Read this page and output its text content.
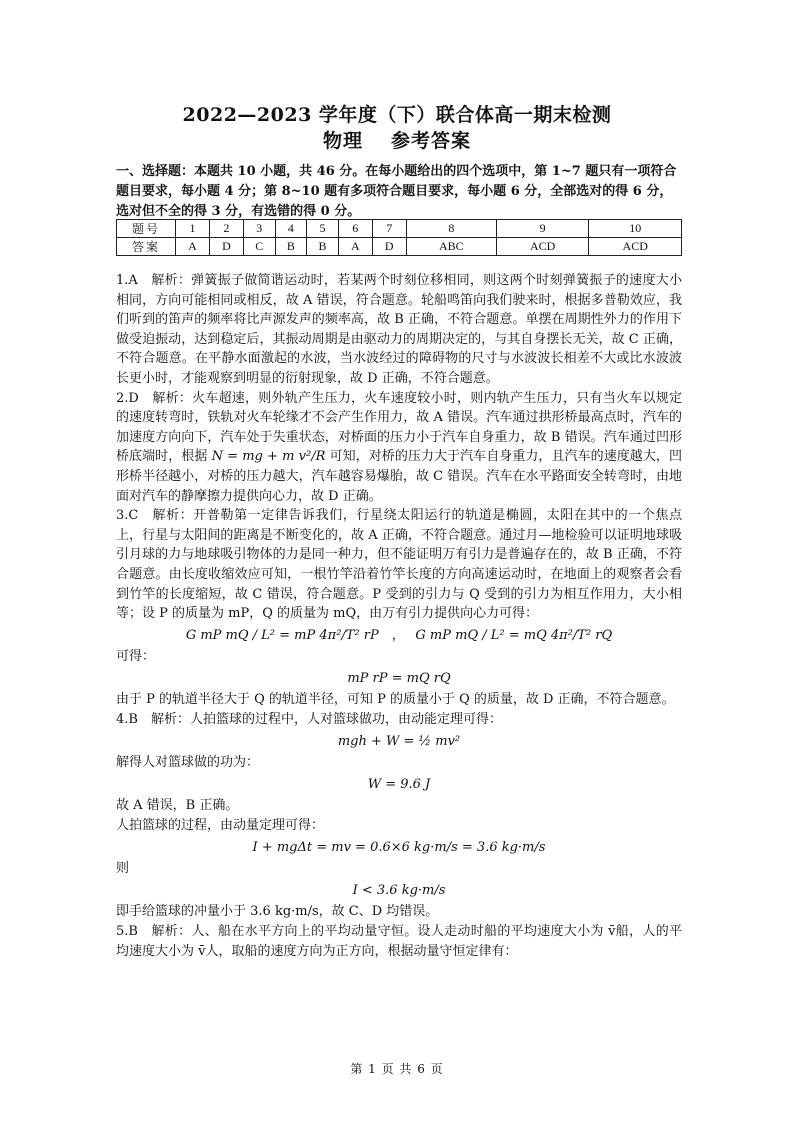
2022—2023 学年度（下）联合体高一期末检测
物理 参考答案
一、选择题：本题共 10 小题，共 46 分。在每小题给出的四个选项中，第 1~7 题只有一项符合题目要求，每小题 4 分；第 8~10 题有多项符合题目要求，每小题 6 分，全部选对的得 6 分，选对但不全的得 3 分，有选错的得 0 分。
题号	1	2	3	4	5	6	7	8	9	10
答案	A	D	C	B	B	A	D	ABC	ACD	ACD

1.A　解析：弹簧振子做简谐运动时，若某两个时刻位移相同，则这两个时刻弹簧振子的速度大小相同，方向可能相同或相反，故 A 错误，符合题意。轮船鸣笛向我们驶来时，根据多普勒效应，我们听到的笛声的频率将比声源发声的频率高，故 B 正确，不符合题意。单摆在周期性外力的作用下做受迫振动，达到稳定后，其振动周期是由驱动力的周期决定的，与其自身摆长无关，故 C 正确，不符合题意。在平静水面激起的水波，当水波经过的障碍物的尺寸与水波波长相差不大或比水波波长更小时，才能观察到明显的衍射现象，故 D 正确，不符合题意。

2.D　解析：火车超速，则外轨产生压力，火车速度较小时，则内轨产生压力，只有当火车以规定的速度转弯时，铁轨对火车轮缘才不会产生作用力，故 A 错误。汽车通过拱形桥最高点时，汽车的加速度方向向下，汽车处于失重状态，对桥面的压力小于汽车自身重力，故 B 错误。汽车通过凹形桥底端时，根据 N = mg + m v²/R 可知，对桥的压力大于汽车自身重力，且汽车的速度越大，凹形桥半径越小，对桥的压力越大，汽车越容易爆胎，故 C 错误。汽车在水平路面安全转弯时，由地面对汽车的静摩擦力提供向心力，故 D 正确。

3.C　解析：开普勒第一定律告诉我们，行星绕太阳运行的轨道是椭圆，太阳在其中的一个焦点上，行星与太阳间的距离是不断变化的，故 A 正确，不符合题意。通过月—地检验可以证明地球吸引月球的力与地球吸引物体的力是同一种力，但不能证明万有引力是普遍存在的，故 B 正确，不符合题意。由长度收缩效应可知，一根竹竿沿着竹竿长度的方向高速运动时，在地面上的观察者会看到竹竿的长度缩短，故 C 错误，符合题意。P 受到的引力与 Q 受到的引力为相互作用力，大小相等；设 P 的质量为 mP，Q 的质量为 mQ，由万有引力提供向心力可得：

G mP mQ / L² = mP 4π²/T² rP　，　 G mP mQ / L² = mQ 4π²/T² rQ

可得：

mP rP = mQ rQ

由于 P 的轨道半径大于 Q 的轨道半径，可知 P 的质量小于 Q 的质量，故 D 正确，不符合题意。

4.B　解析：人拍篮球的过程中，人对篮球做功，由动能定理可得：

mgh + W = ½ mv²

解得人对篮球做的功为：

W = 9.6 J

故 A 错误，B 正确。

人拍篮球的过程，由动量定理可得：

I + mgΔt = mv = 0.6×6 kg·m/s = 3.6 kg·m/s

则

I < 3.6 kg·m/s

即手给篮球的冲量小于 3.6 kg·m/s，故 C、D 均错误。

5.B　解析：人、船在水平方向上的平均动量守恒。设人走动时船的平均速度大小为 v̄船，人的平均速度大小为 v̄人，取船的速度方向为正方向，根据动量守恒定律有：

第 1 页 共 6 页
